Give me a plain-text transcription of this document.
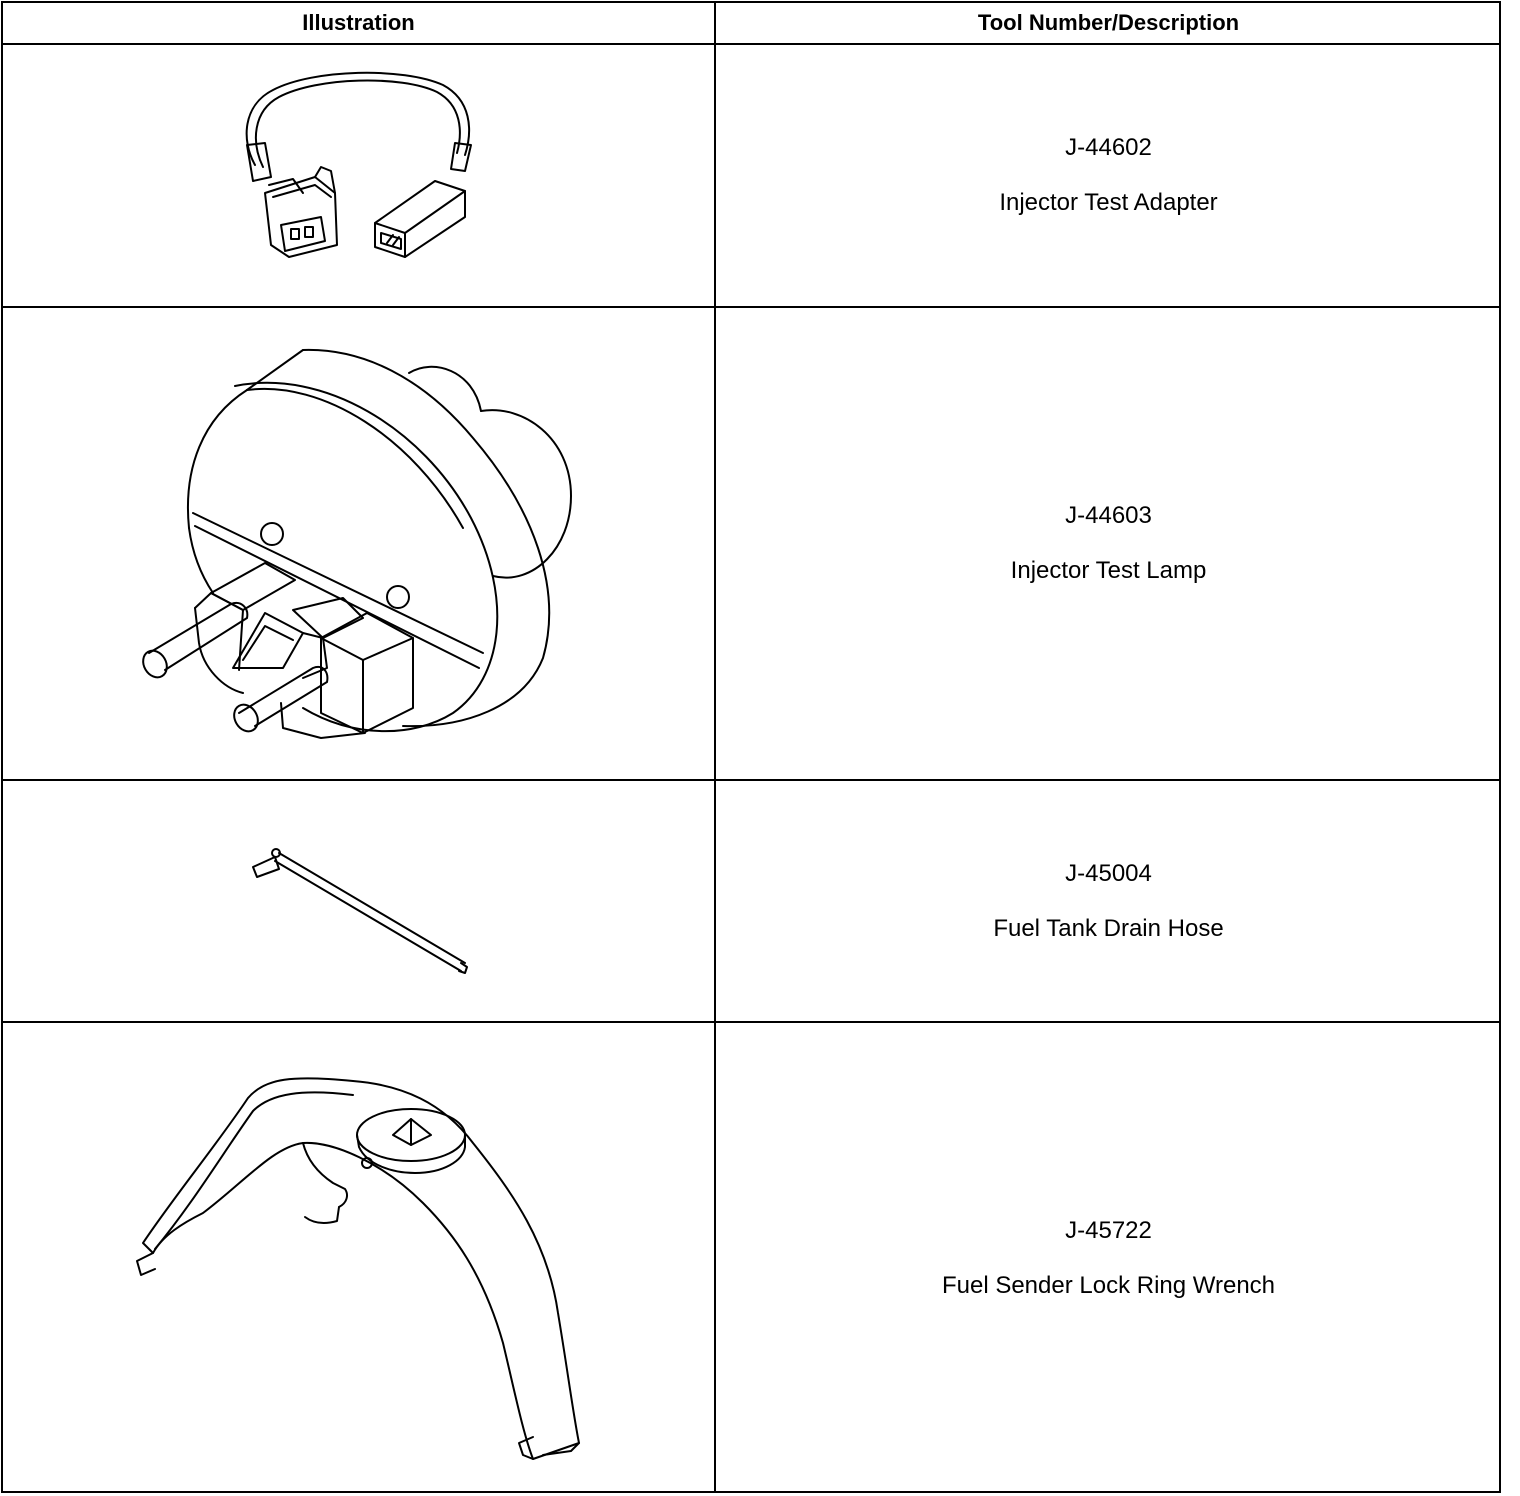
Illustration	Tool Number/Description
J-44602
Injector Test Adapter
J-44603
Injector Test Lamp
J-45004
Fuel Tank Drain Hose
J-45722
Fuel Sender Lock Ring Wrench
